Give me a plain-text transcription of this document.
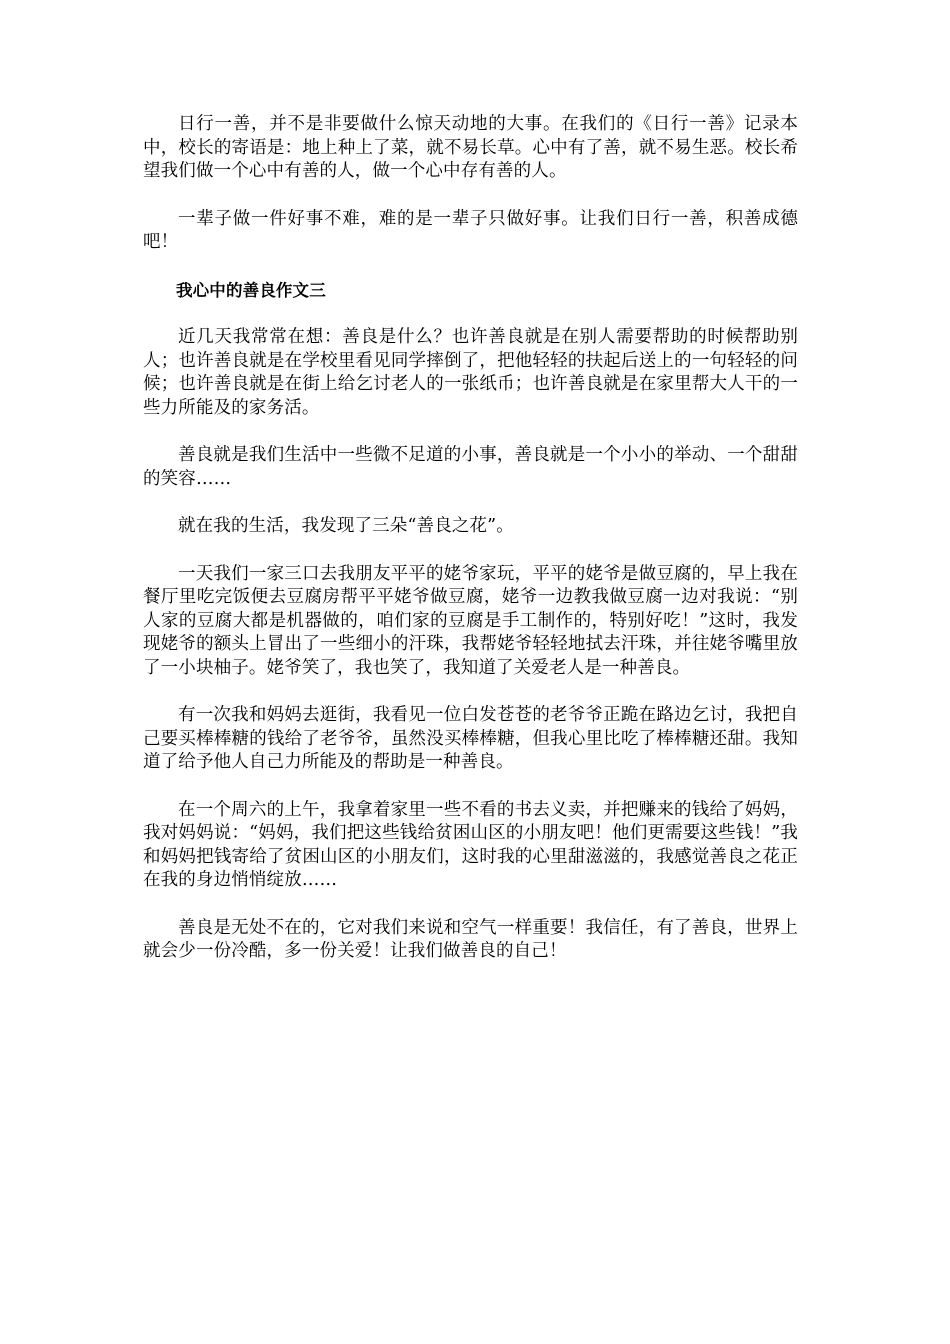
日行一善，并不是非要做什么惊天动地的大事。在我们的《日行一善》记录本中，校长的寄语是：地上种上了菜，就不易长草。心中有了善，就不易生恶。校长希望我们做一个心中有善的人，做一个心中存有善的人。

一辈子做一件好事不难，难的是一辈子只做好事。让我们日行一善，积善成德吧！

我心中的善良作文三

近几天我常常在想：善良是什么？也许善良就是在别人需要帮助的时候帮助别人；也许善良就是在学校里看见同学摔倒了，把他轻轻的扶起后送上的一句轻轻的问候；也许善良就是在街上给乞讨老人的一张纸币；也许善良就是在家里帮大人干的一些力所能及的家务活。

善良就是我们生活中一些微不足道的小事，善良就是一个小小的举动、一个甜甜的笑容……

就在我的生活，我发现了三朵“善良之花”。

一天我们一家三口去我朋友平平的姥爷家玩，平平的姥爷是做豆腐的，早上我在餐厅里吃完饭便去豆腐房帮平平姥爷做豆腐，姥爷一边教我做豆腐一边对我说：“别人家的豆腐大都是机器做的，咱们家的豆腐是手工制作的，特别好吃！”这时，我发现姥爷的额头上冒出了一些细小的汗珠，我帮姥爷轻轻地拭去汗珠，并往姥爷嘴里放了一小块柚子。姥爷笑了，我也笑了，我知道了关爱老人是一种善良。

有一次我和妈妈去逛街，我看见一位白发苍苍的老爷爷正跪在路边乞讨，我把自己要买棒棒糖的钱给了老爷爷，虽然没买棒棒糖，但我心里比吃了棒棒糖还甜。我知道了给予他人自己力所能及的帮助是一种善良。

在一个周六的上午，我拿着家里一些不看的书去义卖，并把赚来的钱给了妈妈，我对妈妈说：“妈妈，我们把这些钱给贫困山区的小朋友吧！他们更需要这些钱！”我和妈妈把钱寄给了贫困山区的小朋友们，这时我的心里甜滋滋的，我感觉善良之花正在我的身边悄悄绽放……

善良是无处不在的，它对我们来说和空气一样重要！我信任，有了善良，世界上就会少一份冷酷，多一份关爱！让我们做善良的自己！
